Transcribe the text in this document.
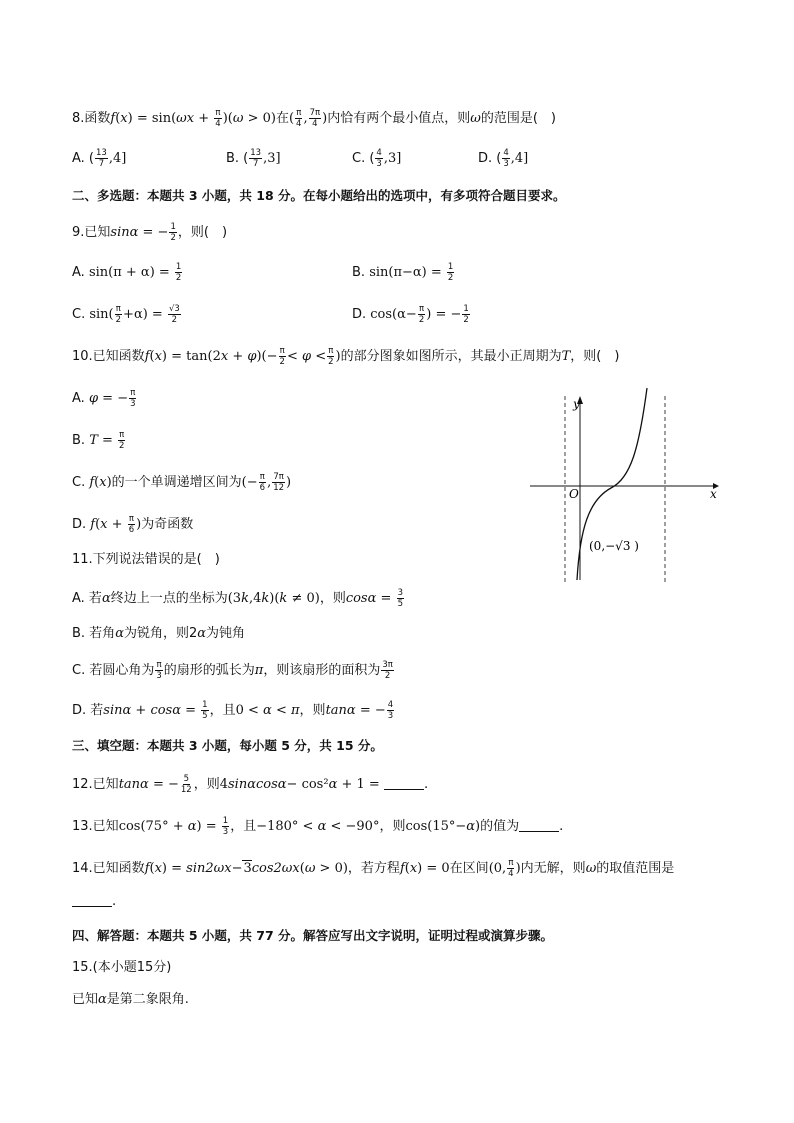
8.函数$f(x) = \sin(\omega x + \frac{\pi}{4} )(\omega > 0)$在( $\frac{\pi}{4}$ , $\frac{7\pi}{4}$ )内恰有两个最小值点，则ω的范围是(　)
A. ( $\frac{13}{7} ,4$]	B. ( $\frac{13}{7} ,3$]	C. ( $\frac{4}{3} ,3$]	D. ( $\frac{4}{3} ,4$]
二、多选题：本题共 3 小题，共 18 分。在每小题给出的选项中，有多项符合题目要求。
9.已知sinα = − $\frac{1}{2}$ ，则(　)
A. $\sin(\pi + \alpha) = \frac{1}{2}$	B. $\sin(\pi-\alpha) = \frac{1}{2}$
C. $\sin( \frac{\pi}{2} +\alpha) = \frac{√3}{2}$	D. $\cos(\alpha- \frac{\pi}{2}$ ) = − $\frac{1}{2}$
10.已知函数$f(x) = \tan(2x + \varphi)(- \frac{\pi}{2} < \varphi < \frac{\pi}{2}$ )的部分图象如图所示，其最小正周期为T，则(　)
A. φ = − $\frac{\pi}{3}$
B. $T = \frac{\pi}{2}$
C. f(x)的一个单调递增区间为(− $\frac{\pi}{6}$ , $\frac{7\pi}{12}$ )
D. $f(x + \frac{\pi}{6}$ )为奇函数
y
x
O
(0,−√3 )
11.下列说法错误的是(　)
A. 若α终边上一点的坐标为(3k,4k)(k ≠ 0)，则$\cos\alpha = \frac{3}{5}$
B. 若角α为锐角，则2α为钝角
C. 若圆心角为 $\frac{\pi}{3}$ 的扇形的弧长为π，则该扇形的面积为 $\frac{3\pi}{2}$
D. 若$\sin\alpha + \cos\alpha = \frac{1}{5}$ ，且0 < α < π，则tanα = − $\frac{4}{3}$
三、填空题：本题共 3 小题，每小题 5 分，共 15 分。
12.已知tanα = − $\frac{5}{12}$ ，则4sinαcosα− cos²α + 1 =	.
13.已知$\cos(75^\circ + \alpha) = \frac{1}{3}$ ，且−180° < α < −90°，则cos(15°−α)的值为	.
14.已知函数f(x) = sin2ωx−3cos2ωx(ω > 0)，若方程f(x) = 0在区间(0, $\frac{\pi}{4}$ )内无解，则ω的取值范围是
.
四、解答题：本题共 5 小题，共 77 分。解答应写出文字说明，证明过程或演算步骤。
15.(本小题15分)
已知α是第二象限角.
